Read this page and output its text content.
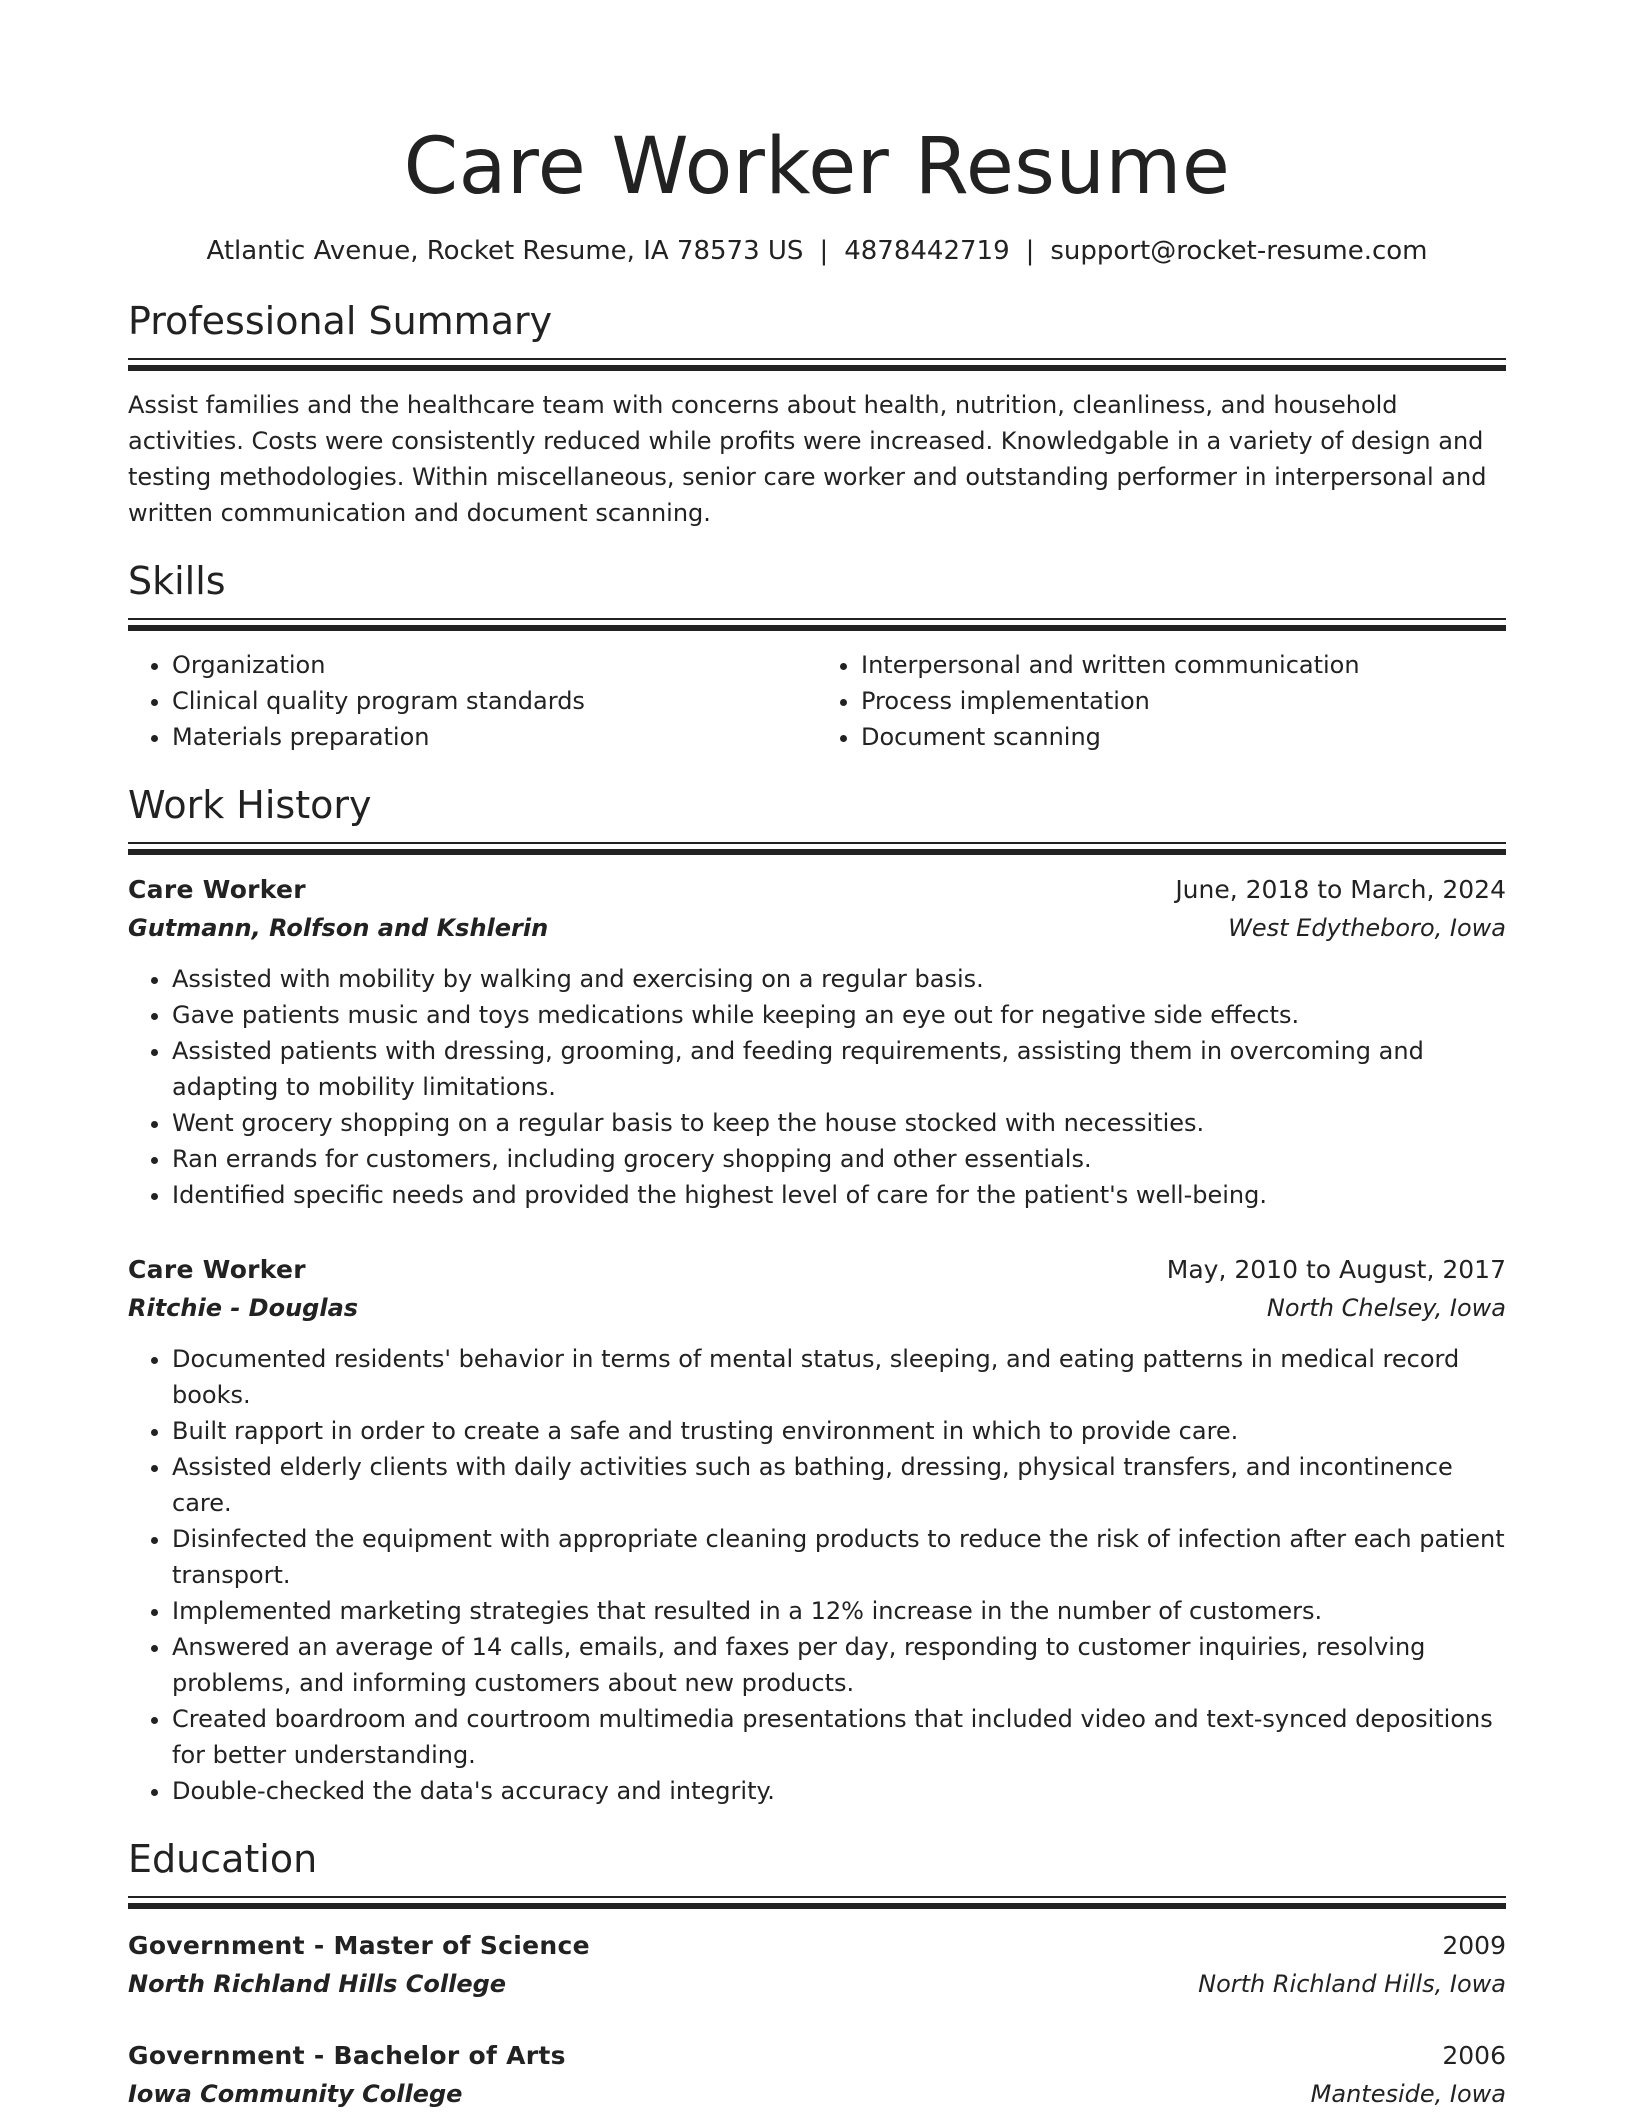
Care Worker Resume
Atlantic Avenue, Rocket Resume, IA 78573 US | 4878442719 | support@rocket-resume.com
Professional Summary
Assist families and the healthcare team with concerns about health, nutrition, cleanliness, and household activities. Costs were consistently reduced while profits were increased. Knowledgable in a variety of design and testing methodologies. Within miscellaneous, senior care worker and outstanding performer in interpersonal and written communication and document scanning.
Skills
• Organization
• Clinical quality program standards
• Materials preparation
• Interpersonal and written communication
• Process implementation
• Document scanning
Work History
Care Worker	June, 2018 to March, 2024
Gutmann, Rolfson and Kshlerin	West Edytheboro, Iowa
• Assisted with mobility by walking and exercising on a regular basis.
• Gave patients music and toys medications while keeping an eye out for negative side effects.
• Assisted patients with dressing, grooming, and feeding requirements, assisting them in overcoming and adapting to mobility limitations.
• Went grocery shopping on a regular basis to keep the house stocked with necessities.
• Ran errands for customers, including grocery shopping and other essentials.
• Identified specific needs and provided the highest level of care for the patient's well-being.
Care Worker	May, 2010 to August, 2017
Ritchie - Douglas	North Chelsey, Iowa
• Documented residents' behavior in terms of mental status, sleeping, and eating patterns in medical record books.
• Built rapport in order to create a safe and trusting environment in which to provide care.
• Assisted elderly clients with daily activities such as bathing, dressing, physical transfers, and incontinence care.
• Disinfected the equipment with appropriate cleaning products to reduce the risk of infection after each patient transport.
• Implemented marketing strategies that resulted in a 12% increase in the number of customers.
• Answered an average of 14 calls, emails, and faxes per day, responding to customer inquiries, resolving problems, and informing customers about new products.
• Created boardroom and courtroom multimedia presentations that included video and text-synced depositions for better understanding.
• Double-checked the data's accuracy and integrity.
Education
Government - Master of Science	2009
North Richland Hills College	North Richland Hills, Iowa
Government - Bachelor of Arts	2006
Iowa Community College	Manteside, Iowa
